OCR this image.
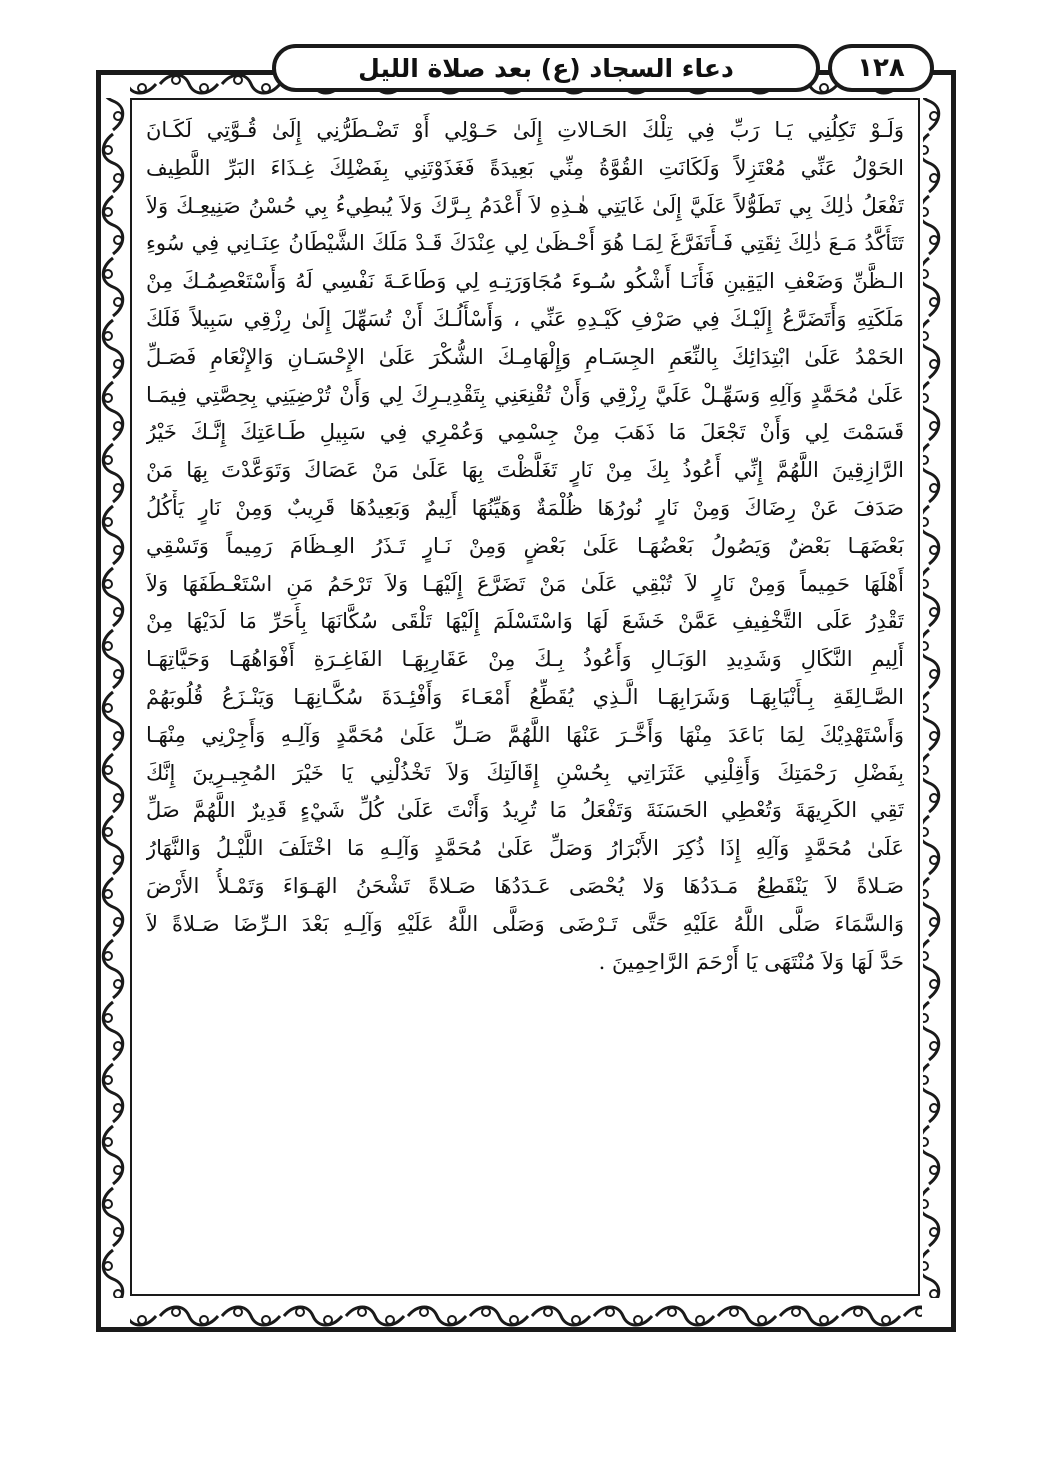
١٢٨
دعاء السجاد (ع) بعد صلاة الليل
وَلَـوْ تَكِلُنِي يَـا رَبِّ فِي تِلْكَ الحَـالاتِ إِلَىٰ حَـوْلِي أَوْ تَضْـطَرُّنِي إِلَىٰ قُـوَّتِي لَكَـانَ
الحَوْلُ عَنِّي مُعْتَزِلاً وَلَكَانَتِ القُوَّةُ مِنِّي بَعِيدَةً فَغَذَوْتَنِي بِفَضْلِكَ غِـذَاءَ البَرِّ اللَّطِيف
تَفْعَلُ ذٰلِكَ بِي تَطَوُّلاً عَلَيَّ إِلَىٰ غَايَتِي هٰـذِهِ لاَ أَعْدَمُ بِـرَّكَ وَلاَ يُبطِيءُ بِي حُسْنُ صَنِيعِـكَ وَلاَ
تَتَأَكَّدُ مَـعَ ذٰلِكَ ثِقَتِي فَـأَتَفَرَّغَ لِمَـا هُوَ أَحْـظَىٰ لِي عِنْدَكَ قَـدْ مَلَكَ الشَّيْطَانُ عِنَـانِي فِي سُوءِ
الـظَّنِّ وَضَعْفِ اليَقِينِ فَأَنَـا أَشْكُو سُـوءَ مُجَاوَرَتِـهِ لِي وَطَاعَـةَ نَفْسِي لَهُ وَأَسْتَعْصِمُـكَ مِنْ
مَلَكَتِهِ وَأَتَضَرَّعُ إِلَيْـكَ فِي صَرْفِ كَيْـدِهِ عَنِّي ، وَأَسْأَلُـكَ أَنْ تُسَهِّلَ إِلَىٰ رِزْقِي سَبِيلاً فَلَكَ
الحَمْدُ عَلَىٰ ابْتِدَائِكَ بِالنِّعَمِ الجِسَـامِ وَإِلْهَامِـكَ الشُّكْرَ عَلَىٰ الإِحْسَـانِ وَالإِنْعَامِ فَصَـلِّ
عَلَىٰ مُحَمَّدٍ وَآلِهِ وَسَهِّـلْ عَلَيَّ رِزْقِي وَأَنْ تُقْنِعَنِي بِتَقْدِيـرِكَ لِي وَأَنْ تُرْضِيَنِي بِحِصَّتِي فِيمَـا
قَسَمْتَ لِي وَأَنْ تَجْعَلَ مَا ذَهَبَ مِنْ جِسْمِي وَعُمْرِي فِي سَبِيلِ طَـاعَتِكَ إِنَّـكَ خَيْرُ
الرَّازِقِينَ اللَّهُمَّ إِنِّي أَعُوذُ بِكَ مِنْ نَارٍ تَغَلَّظْتَ بِهَا عَلَىٰ مَنْ عَصَاكَ وَتَوَعَّدْتَ بِهَا مَنْ
صَدَفَ عَنْ رِضَاكَ وَمِنْ نَارٍ نُورُهَا ظُلْمَةٌ وَهَيِّنُهَا أَلِيمٌ وَبَعِيدُهَا قَرِيبٌ وَمِنْ نَارٍ يَأْكُلُ
بَعْضَهَـا بَعْضٌ وَيَصُولُ بَعْضُهَـا عَلَىٰ بَعْضٍ وَمِنْ نَـارٍ تَـذَرُ العِـظَامَ رَمِيماً وَتَسْقِي
أَهْلَهَا حَمِيماً وَمِنْ نَارٍ لاَ تُبْقِي عَلَىٰ مَنْ تَضَرَّعَ إِلَيْهَـا وَلاَ تَرْحَمُ مَنِ اسْتَعْـطَفَهَا وَلاَ
تَقْدِرُ عَلَى التَّخْفِيفِ عَمَّنْ خَشَعَ لَهَا وَاسْتَسْلَمَ إِلَيْهَا تَلْقَى سُكَّانَهَا بِأَحَرِّ مَا لَدَيْهَا مِنْ
أَلِيمِ النَّكَالِ وَشَدِيدِ الوَبَـالِ وَأَعُوذُ بِـكَ مِنْ عَقَارِبِهَـا الفَاغِـرَةِ أَفْوَاهُهَـا وَحَيَّاتِهَـا
الصَّـالِقَةِ بِـأَنْيَابِهَـا وَشَرَابِهَـا الَّـذِي يُقَطِّعُ أَمْعَـاءَ وَأَفْئِـدَةَ سُكَّـانِهَـا وَيَنْـزَعُ قُلُوبَهُمْ
وَأَسْتَهْدِيْكَ لِمَا بَاعَدَ مِنْهَا وَأَخَّـرَ عَنْهَا اللَّهُمَّ صَـلِّ عَلَىٰ مُحَمَّدٍ وَآلِـهِ وَأَجِرْنِي مِنْهَـا
بِفَضْلِ رَحْمَتِكَ وَأَقِلْنِي عَثَرَاتِي بِحُسْنِ إِقَالَتِكَ وَلاَ تَخْذُلْنِي يَا خَيْرَ المُجِيـرِينَ إِنَّكَ
تَقِي الكَرِيهَةَ وَتُعْطِي الحَسَنَةَ وَتَفْعَلُ مَا تُرِيدُ وَأَنْتَ عَلَىٰ كُلِّ شَيْءٍ قَدِيرٌ اللَّهُمَّ صَلِّ
عَلَىٰ مُحَمَّدٍ وَآلِهِ إِذَا ذُكِرَ الأَبْرَارُ وَصَلِّ عَلَىٰ مُحَمَّدٍ وَآلِـهِ مَا اخْتَلَفَ اللَّيْـلُ وَالنَّهَارُ
صَـلاةً لاَ يَنْقَطِعُ مَـدَدُهَا وَلا يُحْصَى عَـدَدُهَا صَـلاةً تَشْحَنُ الهَـوَاءَ وَتَمْـلأُ الأَرْضَ
وَالسَّمَاءَ صَلَّى اللَّهُ عَلَيْهِ حَتَّى تَـرْضَى وَصَلَّى اللَّهُ عَلَيْهِ وَآلِـهِ بَعْدَ الـرِّضَا صَـلاةً لاَ
حَدَّ لَهَا وَلاَ مُنْتَهَى يَا أَرْحَمَ الرَّاحِمِينَ .
